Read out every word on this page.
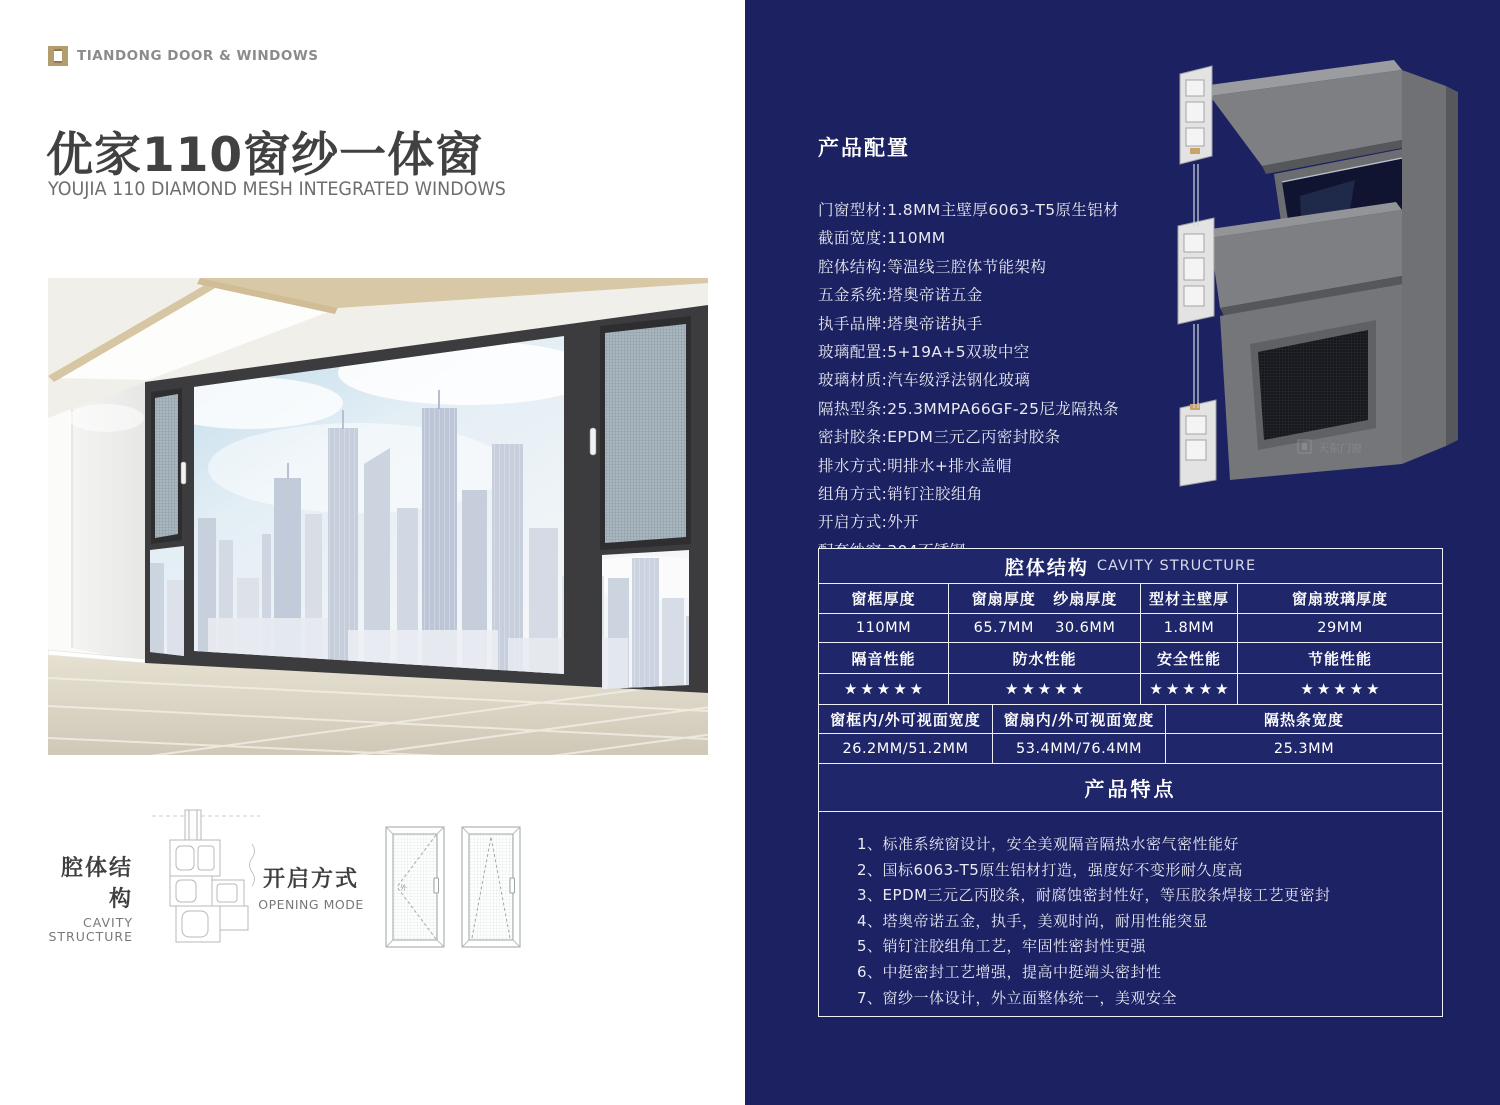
TIANDONG DOOR & WINDOWS
优家110窗纱一体窗
YOUJIA 110 DIAMOND MESH INTEGRATED WINDOWS
腔体结构
CAVITY
STRUCTURE
开启方式
OPENING MODE
外
产品配置
门窗型材:1.8MM主壁厚6063-T5原生铝材
截面宽度:110MM
腔体结构:等温线三腔体节能架构
五金系统:塔奥帝诺五金
执手品牌:塔奥帝诺执手
玻璃配置:5+19A+5双玻中空
玻璃材质:汽车级浮法钢化玻璃
隔热型条:25.3MMPA66GF-25尼龙隔热条
密封胶条:EPDM三元乙丙密封胶条
排水方式:明排水+排水盖帽
组角方式:销钉注胶组角
开启方式:外开
天东门窗
腔体结构 CAVITY STRUCTURE
窗框厚度	窗扇厚度 纱扇厚度	型材主壁厚	窗扇玻璃厚度
110MM	65.7MM 30.6MM	1.8MM	29MM
隔音性能	防水性能	安全性能	节能性能
★★★★★	★★★★★	★★★★★	★★★★★
窗框内/外可视面宽度	窗扇内/外可视面宽度	隔热条宽度
26.2MM/51.2MM	53.4MM/76.4MM	25.3MM
产品特点
1、标准系统窗设计，安全美观隔音隔热水密气密性能好
2、国标6063-T5原生铝材打造，强度好不变形耐久度高
3、EPDM三元乙丙胶条，耐腐蚀密封性好，等压胶条焊接工艺更密封
4、塔奥帝诺五金，执手，美观时尚，耐用性能突显
5、销钉注胶组角工艺，牢固性密封性更强
6、中挺密封工艺增强，提高中挺端头密封性
7、窗纱一体设计，外立面整体统一，美观安全
